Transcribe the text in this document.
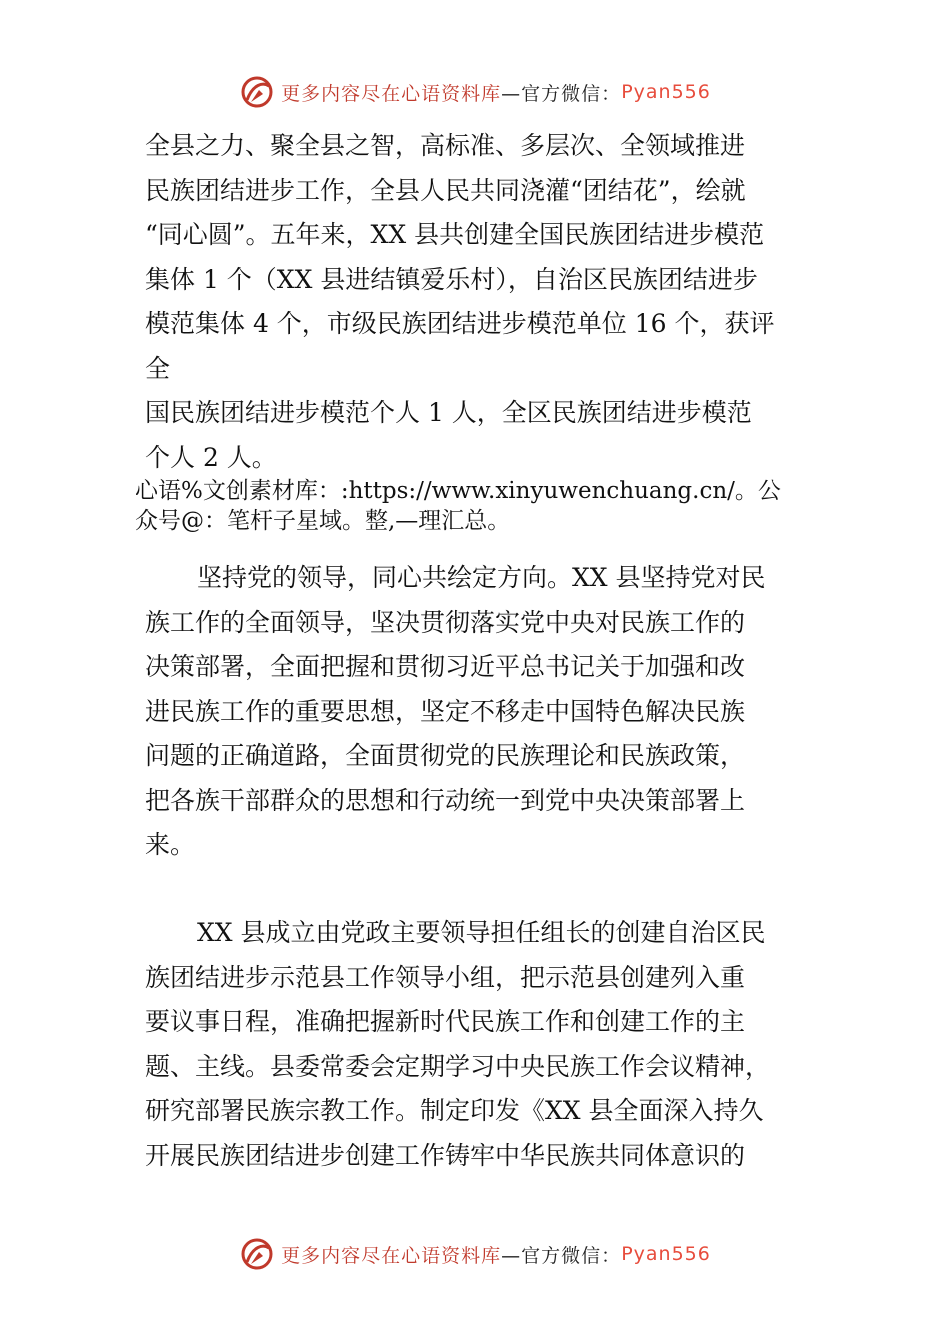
更多内容尽在心语资料库 —官方微信： Pyan556
全县之力、聚全县之智，高标准、多层次、全领域推进
民族团结进步工作，全县人民共同浇灌“团结花”，绘就
“同心圆”。五年来，XX 县共创建全国民族团结进步模范
集体 1 个（XX 县进结镇爱乐村），自治区民族团结进步
模范集体 4 个，市级民族团结进步模范单位 16 个，获评
全
国民族团结进步模范个人 1 人，全区民族团结进步模范
个人 2 人。
心语%文创素材库：:https://www.xinyuwenchuang.cn/。公
众号@：笔杆子星域。整,—理汇总。
坚持党的领导，同心共绘定方向。XX 县坚持党对民
族工作的全面领导，坚决贯彻落实党中央对民族工作的
决策部署，全面把握和贯彻习近平总书记关于加强和改
进民族工作的重要思想，坚定不移走中国特色解决民族
问题的正确道路，全面贯彻党的民族理论和民族政策，
把各族干部群众的思想和行动统一到党中央决策部署上
来。
XX 县成立由党政主要领导担任组长的创建自治区民
族团结进步示范县工作领导小组，把示范县创建列入重
要议事日程，准确把握新时代民族工作和创建工作的主
题、主线。县委常委会定期学习中央民族工作会议精神，
研究部署民族宗教工作。制定印发《XX 县全面深入持久
开展民族团结进步创建工作铸牢中华民族共同体意识的
更多内容尽在心语资料库 —官方微信： Pyan556
